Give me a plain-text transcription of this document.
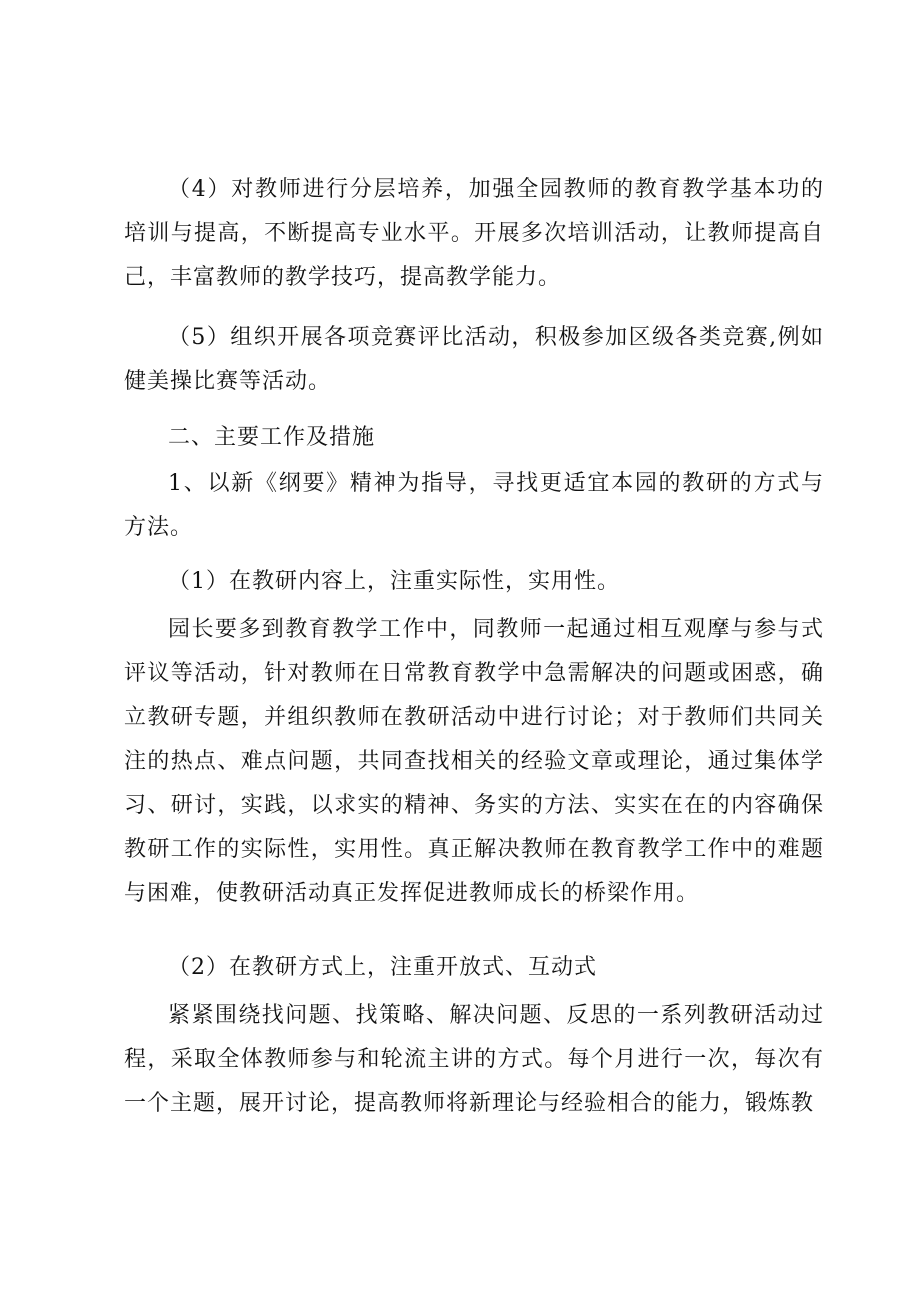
（4）对教师进行分层培养，加强全园教师的教育教学基本功的培训与提高，不断提高专业水平。开展多次培训活动，让教师提高自己，丰富教师的教学技巧，提高教学能力。

（5）组织开展各项竞赛评比活动，积极参加区级各类竞赛,例如健美操比赛等活动。

二、主要工作及措施

1、以新《纲要》精神为指导，寻找更适宜本园的教研的方式与方法。

（1）在教研内容上，注重实际性，实用性。

园长要多到教育教学工作中，同教师一起通过相互观摩与参与式评议等活动，针对教师在日常教育教学中急需解决的问题或困惑，确立教研专题，并组织教师在教研活动中进行讨论；对于教师们共同关注的热点、难点问题，共同查找相关的经验文章或理论，通过集体学习、研讨，实践，以求实的精神、务实的方法、实实在在的内容确保教研工作的实际性，实用性。真正解决教师在教育教学工作中的难题与困难，使教研活动真正发挥促进教师成长的桥梁作用。

（2）在教研方式上，注重开放式、互动式

紧紧围绕找问题、找策略、解决问题、反思的一系列教研活动过程，采取全体教师参与和轮流主讲的方式。每个月进行一次，每次有一个主题，展开讨论，提高教师将新理论与经验相合的能力，锻炼教
